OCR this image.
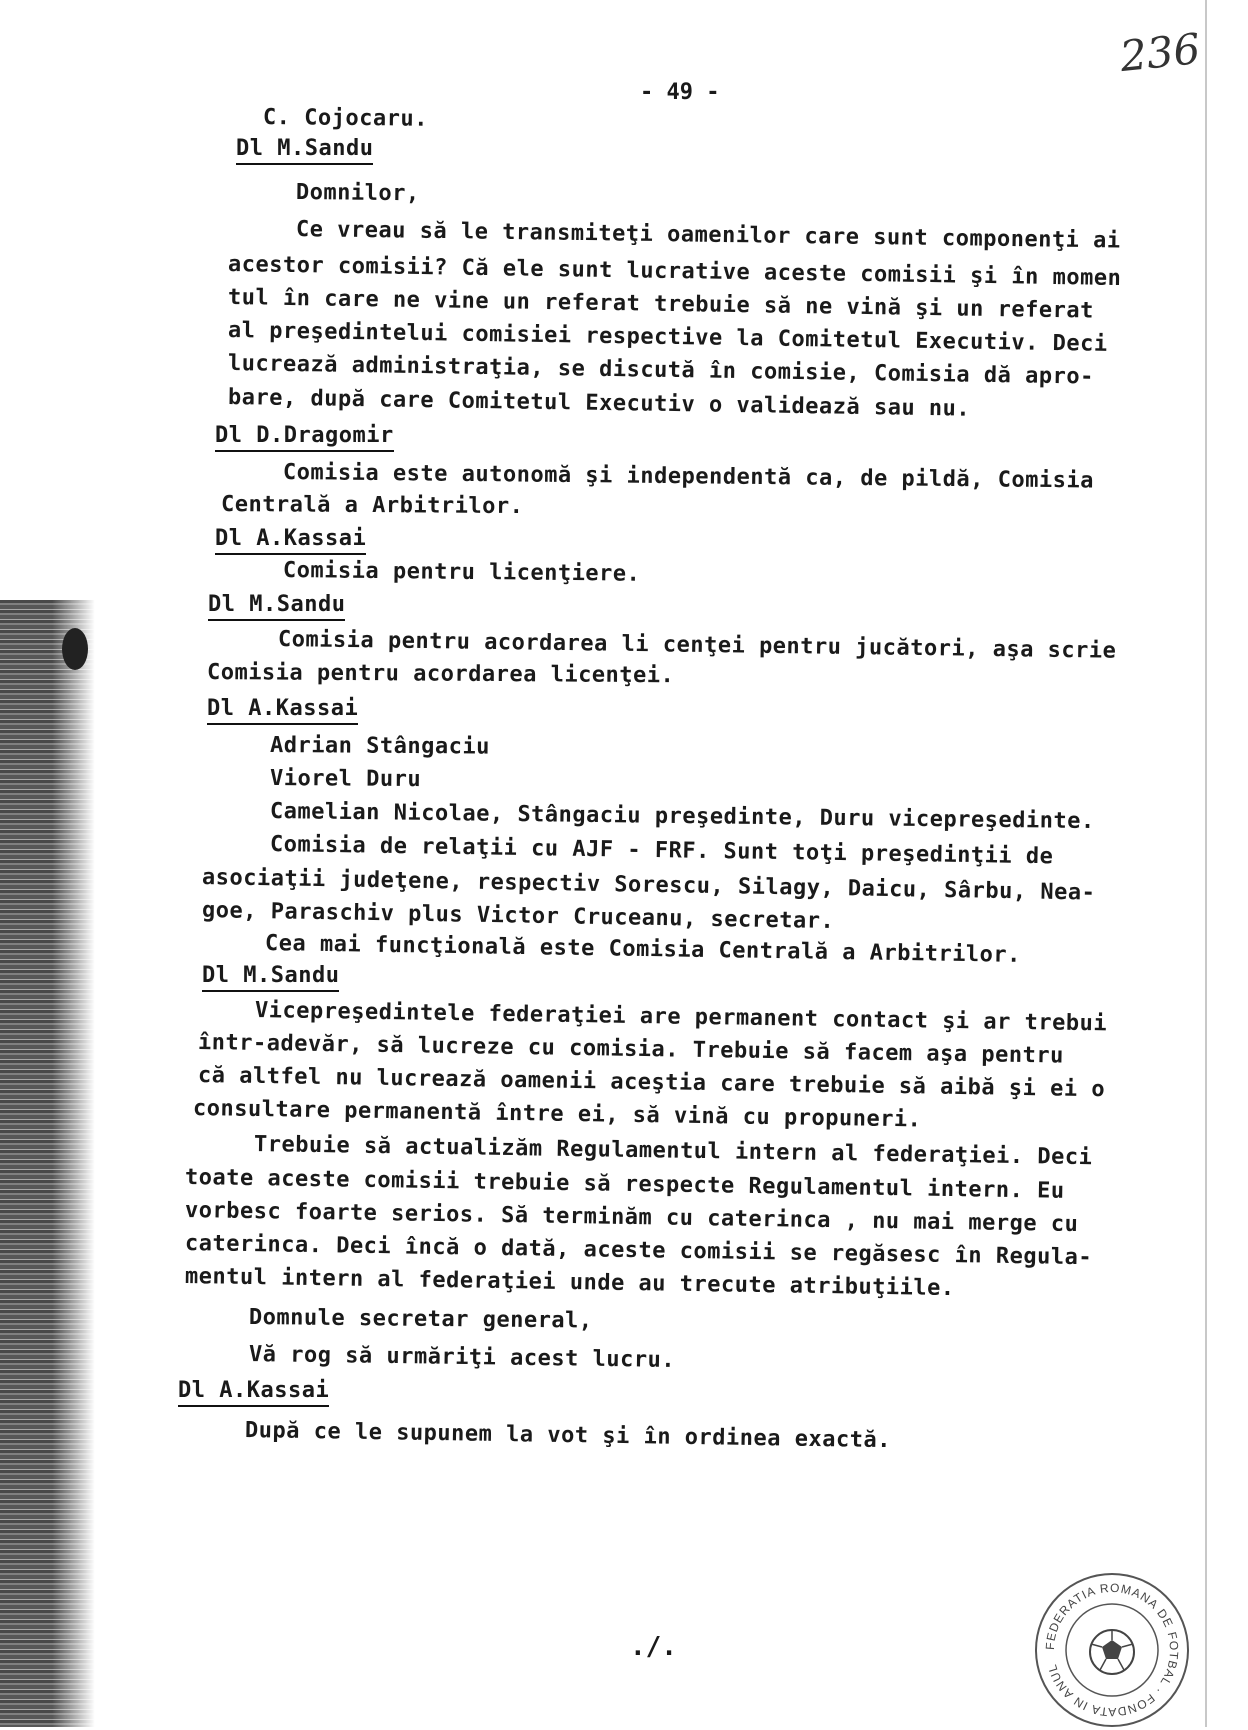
236
- 49 -
C. Cojocaru.
Dl M.Sandu
Domnilor,
Ce vreau să le transmiteţi oamenilor care sunt componenţi ai
acestor comisii? Că ele sunt lucrative aceste comisii şi în momen
tul în care ne vine un referat trebuie să ne vină şi un referat
al preşedintelui comisiei respective la Comitetul Executiv. Deci
lucrează administraţia, se discută în comisie, Comisia dă apro-
bare, după care Comitetul Executiv o validează sau nu.
Dl D.Dragomir
Comisia este autonomă şi independentă ca, de pildă, Comisia
Centrală a Arbitrilor.
Dl A.Kassai
Comisia pentru licenţiere.
Dl M.Sandu
Comisia pentru acordarea li cenţei pentru jucători, aşa scrie
Comisia pentru acordarea licenţei.
Dl A.Kassai
Adrian Stângaciu
Viorel Duru
Camelian Nicolae, Stângaciu preşedinte, Duru vicepreşedinte.
Comisia de relaţii cu AJF - FRF. Sunt toţi preşedinţii de
asociaţii judeţene, respectiv Sorescu, Silagy, Daicu, Sârbu, Nea-
goe, Paraschiv plus Victor Cruceanu, secretar.
Cea mai funcţională este Comisia Centrală a Arbitrilor.
Dl M.Sandu
Vicepreşedintele federaţiei are permanent contact şi ar trebui
într-adevăr, să lucreze cu comisia. Trebuie să facem aşa pentru
că altfel nu lucrează oamenii aceştia care trebuie să aibă şi ei o
consultare permanentă între ei, să vină cu propuneri.
Trebuie să actualizăm Regulamentul intern al federaţiei. Deci
toate aceste comisii trebuie să respecte Regulamentul intern. Eu
vorbesc foarte serios. Să terminăm cu caterinca , nu mai merge cu
caterinca. Deci încă o dată, aceste comisii se regăsesc în Regula-
mentul intern al federaţiei unde au trecute atribuţiile.
Domnule secretar general,
Vă rog să urmăriţi acest lucru.
Dl A.Kassai
După ce le supunem la vot şi în ordinea exactă.
FEDERATIA ROMANA DE FOTBAL · FONDATA IN ANUL
./.
